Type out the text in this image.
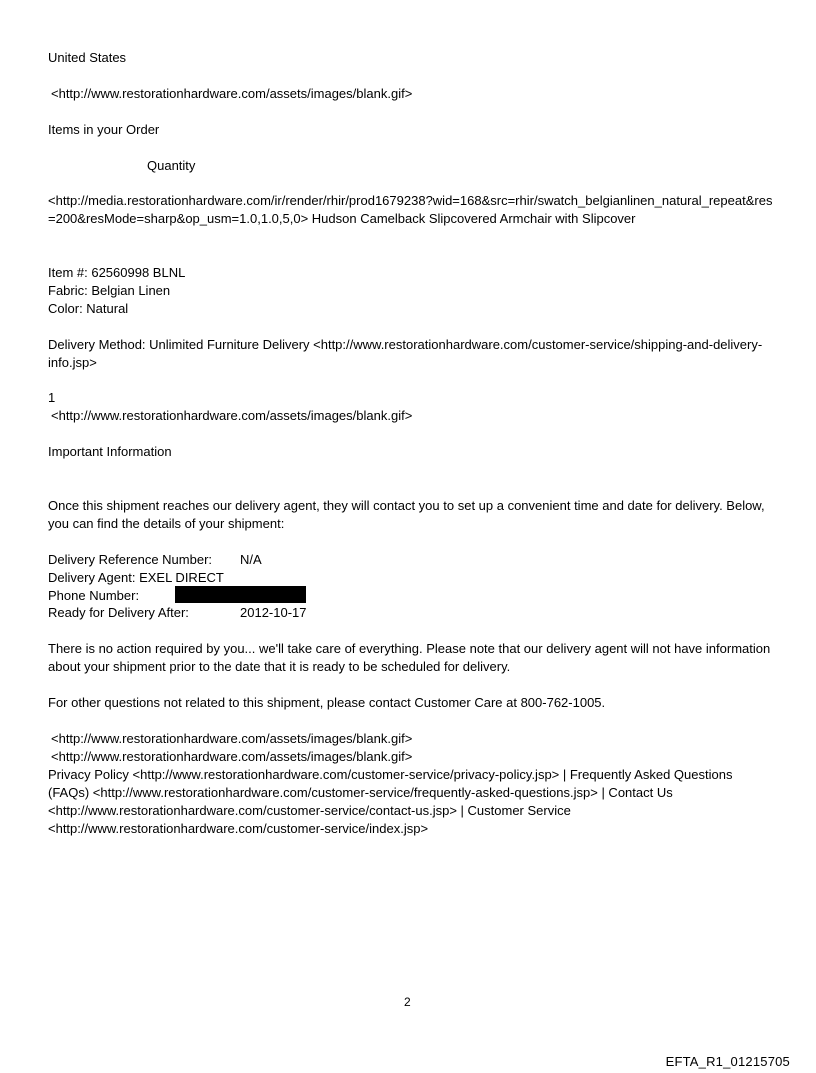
United States
<http://www.restorationhardware.com/assets/images/blank.gif>
Items in your Order
Quantity
<http://media.restorationhardware.com/ir/render/rhir/prod1679238?wid=168&src=rhir/swatch_belgianlinen_natural_repeat&res=200&resMode=sharp&op_usm=1.0,1.0,5,0> Hudson Camelback Slipcovered Armchair with Slipcover
Item #: 62560998 BLNL
Fabric: Belgian Linen
Color: Natural
Delivery Method: Unlimited Furniture Delivery <http://www.restorationhardware.com/customer-service/shipping-and-delivery-info.jsp>
1
<http://www.restorationhardware.com/assets/images/blank.gif>
Important Information
Once this shipment reaches our delivery agent, they will contact you to set up a convenient time and date for delivery. Below, you can find the details of your shipment:
Delivery Reference Number: N/A
Delivery Agent: EXEL DIRECT
Phone Number:
Ready for Delivery After:	2012-10-17
There is no action required by you... we'll take care of everything. Please note that our delivery agent will not have information about your shipment prior to the date that it is ready to be scheduled for delivery.
For other questions not related to this shipment, please contact Customer Care at 800-762-1005.
<http://www.restorationhardware.com/assets/images/blank.gif>
<http://www.restorationhardware.com/assets/images/blank.gif>
Privacy Policy <http://www.restorationhardware.com/customer-service/privacy-policy.jsp> | Frequently Asked Questions (FAQs) <http://www.restorationhardware.com/customer-service/frequently-asked-questions.jsp> | Contact Us <http://www.restorationhardware.com/customer-service/contact-us.jsp> | Customer Service <http://www.restorationhardware.com/customer-service/index.jsp>
2
EFTA_R1_01215705
